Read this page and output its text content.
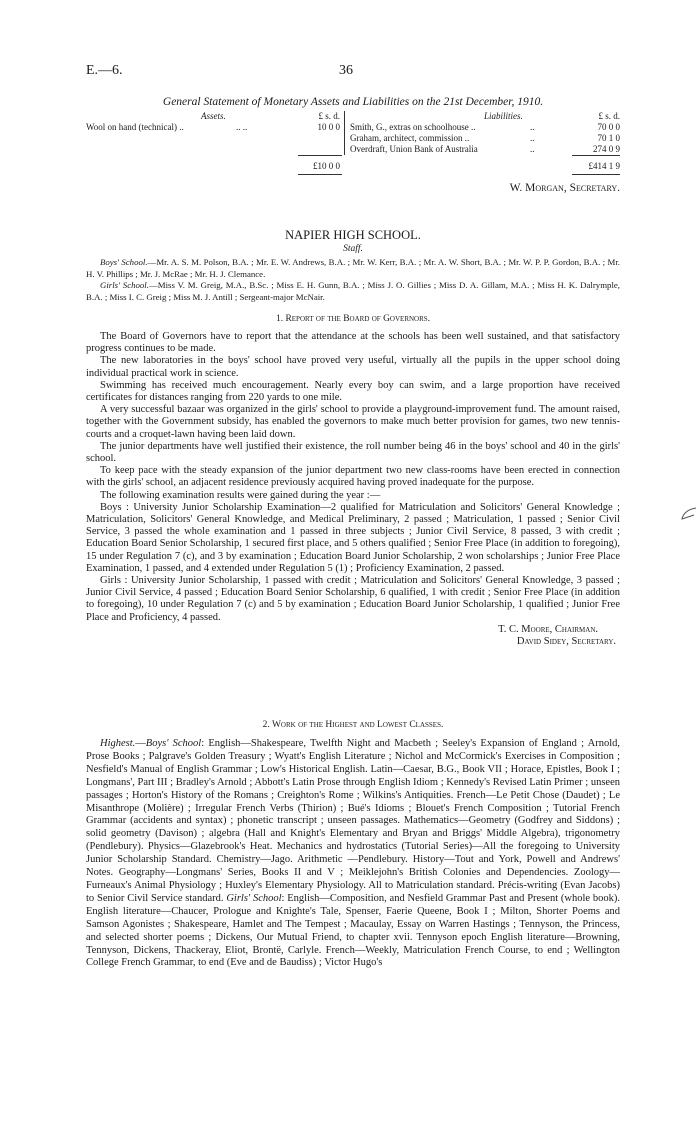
E.—6.	36
General Statement of Monetary Assets and Liabilities on the 21st December, 1910.
Assets.	£ s. d.	Liabilities.	£ s. d.
Wool on hand (technical) ..	.. ..	10 0 0 Smith, G., extras on schoolhouse ..	..	70 0 0
Graham, architect, commission ..	..	70 1 0
Overdraft, Union Bank of Australia	..	274 0 9
£10 0 0	£414 1 9
W. Morgan, Secretary.
NAPIER HIGH SCHOOL.
Staff.

Boys' School.—Mr. A. S. M. Polson, B.A. ; Mr. E. W. Andrews, B.A. ; Mr. W. Kerr, B.A. ; Mr. A. W. Short, B.A. ; Mr. W. P. P. Gordon, B.A. ; Mr. H. V. Phillips ; Mr. J. McRae ; Mr. H. J. Clemance.

Girls' School.—Miss V. M. Greig, M.A., B.Sc. ; Miss E. H. Gunn, B.A. ; Miss J. O. Gillies ; Miss D. A. Gillam, M.A. ; Miss H. K. Dalrymple, B.A. ; Miss I. C. Greig ; Miss M. J. Antill ; Sergeant-major McNair.

1. Report of the Board of Governors.

The Board of Governors have to report that the attendance at the schools has been well sustained, and that satisfactory progress continues to be made.

The new laboratories in the boys' school have proved very useful, virtually all the pupils in the upper school doing individual practical work in science.

Swimming has received much encouragement. Nearly every boy can swim, and a large proportion have received certificates for distances ranging from 220 yards to one mile.

A very successful bazaar was organized in the girls' school to provide a playground-improvement fund. The amount raised, together with the Government subsidy, has enabled the governors to make much better provision for games, two new tennis-courts and a croquet-lawn having been laid down.

The junior departments have well justified their existence, the roll number being 46 in the boys' school and 40 in the girls' school.

To keep pace with the steady expansion of the junior department two new class-rooms have been erected in connection with the girls' school, an adjacent residence previously acquired having proved inadequate for the purpose.

The following examination results were gained during the year :—

Boys : University Junior Scholarship Examination—2 qualified for Matriculation and Solicitors' General Knowledge ; Matriculation, Solicitors' General Knowledge, and Medical Preliminary, 2 passed ; Matriculation, 1 passed ; Senior Civil Service, 3 passed the whole examination and 1 passed in three subjects ; Junior Civil Service, 8 passed, 3 with credit ; Education Board Senior Scholarship, 1 secured first place, and 5 others qualified ; Senior Free Place (in addition to foregoing), 15 under Regulation 7 (c), and 3 by examination ; Education Board Junior Scholarship, 2 won scholarships ; Junior Free Place Examination, 1 passed, and 4 extended under Regulation 5 (1) ; Proficiency Examination, 2 passed.

Girls : University Junior Scholarship, 1 passed with credit ; Matriculation and Solicitors' General Knowledge, 3 passed ; Junior Civil Service, 4 passed ; Education Board Senior Scholarship, 6 qualified, 1 with credit ; Senior Free Place (in addition to foregoing), 10 under Regulation 7 (c) and 5 by examination ; Education Board Junior Scholarship, 1 qualified ; Junior Free Place and Proficiency, 4 passed.

T. C. Moore, Chairman.
David Sidey, Secretary.
2. Work of the Highest and Lowest Classes.

Highest.—Boys' School: English—Shakespeare, Twelfth Night and Macbeth ; Seeley's Expansion of England ; Arnold, Prose Books ; Palgrave's Golden Treasury ; Wyatt's English Literature ; Nichol and McCormick's Exercises in Composition ; Nesfield's Manual of English Grammar ; Low's Historical English. Latin—Caesar, B.G., Book VII ; Horace, Epistles, Book I ; Longmans', Part III ; Bradley's Arnold ; Abbott's Latin Prose through English Idiom ; Kennedy's Revised Latin Primer ; unseen passages ; Horton's History of the Romans ; Creighton's Rome ; Wilkins's Antiquities. French—Le Petit Chose (Daudet) ; Le Misanthrope (Molière) ; Irregular French Verbs (Thirion) ; Bué's Idioms ; Blouet's French Composition ; Tutorial French Grammar (accidents and syntax) ; phonetic transcript ; unseen passages. Mathematics—Geometry (Godfrey and Siddons) ; solid geometry (Davison) ; algebra (Hall and Knight's Elementary and Bryan and Briggs' Middle Algebra), trigonometry (Pendlebury). Physics—Glazebrook's Heat. Mechanics and hydrostatics (Tutorial Series)—All the foregoing to University Junior Scholarship Standard. Chemistry—Jago. Arithmetic —Pendlebury. History—Tout and York, Powell and Andrews' Notes. Geography—Longmans' Series, Books II and V ; Meiklejohn's British Colonies and Dependencies. Zoology—Furneaux's Animal Physiology ; Huxley's Elementary Physiology. All to Matriculation standard. Précis-writing (Evan Jacobs) to Senior Civil Service standard. Girls' School: English—Composition, and Nesfield Grammar Past and Present (whole book). English literature—Chaucer, Prologue and Knighte's Tale, Spenser, Faerie Queene, Book I ; Milton, Shorter Poems and Samson Agonistes ; Shakespeare, Hamlet and The Tempest ; Macaulay, Essay on Warren Hastings ; Tennyson, the Princess, and selected shorter poems ; Dickens, Our Mutual Friend, to chapter xvii. Tennyson epoch English literature—Browning, Tennyson, Dickens, Thackeray, Eliot, Brontë, Carlyle. French—Weekly, Matriculation French Course, to end ; Wellington College French Grammar, to end (Eve and de Baudiss) ; Victor Hugo's
